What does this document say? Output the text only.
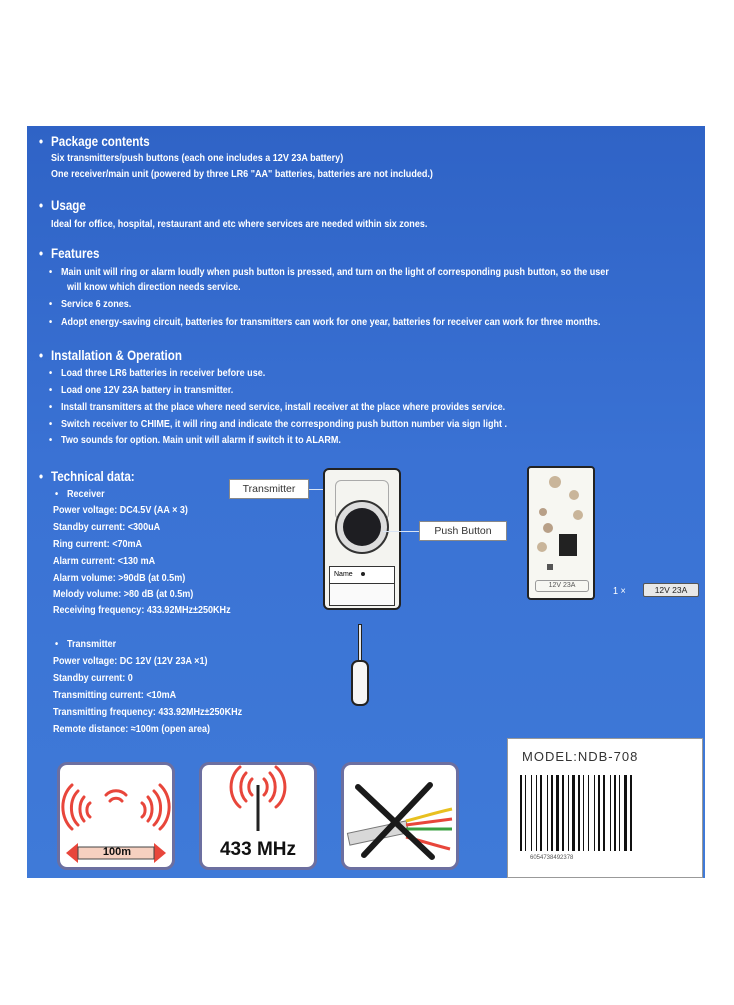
• Package contents
Six transmitters/push buttons (each one includes a 12V 23A battery)
One receiver/main unit (powered by three LR6 "AA" batteries, batteries are not included.)
• Usage
Ideal for office, hospital, restaurant and etc where services are needed within six zones.
• Features
• Main unit will ring or alarm loudly when push button is pressed, and turn on the light of corresponding push button, so the user
will know which direction needs service.
• Service 6 zones.
• Adopt energy-saving circuit, batteries for transmitters can work for one year, batteries for receiver can work for three months.
• Installation & Operation
• Load three LR6 batteries in receiver before use.
• Load one 12V 23A battery in transmitter.
• Install transmitters at the place where need service, install receiver at the place where provides service.
• Switch receiver to CHIME, it will ring and indicate the corresponding push button number via sign light .
• Two sounds for option. Main unit will alarm if switch it to ALARM.
• Technical data:
• Receiver
Power voltage: DC4.5V (AA × 3)
Standby current: <300uA
Ring current: <70mA
Alarm current: <130 mA
Alarm volume: >90dB (at 0.5m)
Melody volume: >80 dB (at 0.5m)
Receiving frequency: 433.92MHz±250KHz
• Transmitter
Power voltage: DC 12V (12V 23A ×1)
Standby current: 0
Transmitting current: <10mA
Transmitting frequency: 433.92MHz±250KHz
Remote distance: ≈100m (open area)
Transmitter
Name
Push Button
12V 23A	1 ×	12V 23A
100m	433 MHz
MODEL:NDB-708
6054738492378
